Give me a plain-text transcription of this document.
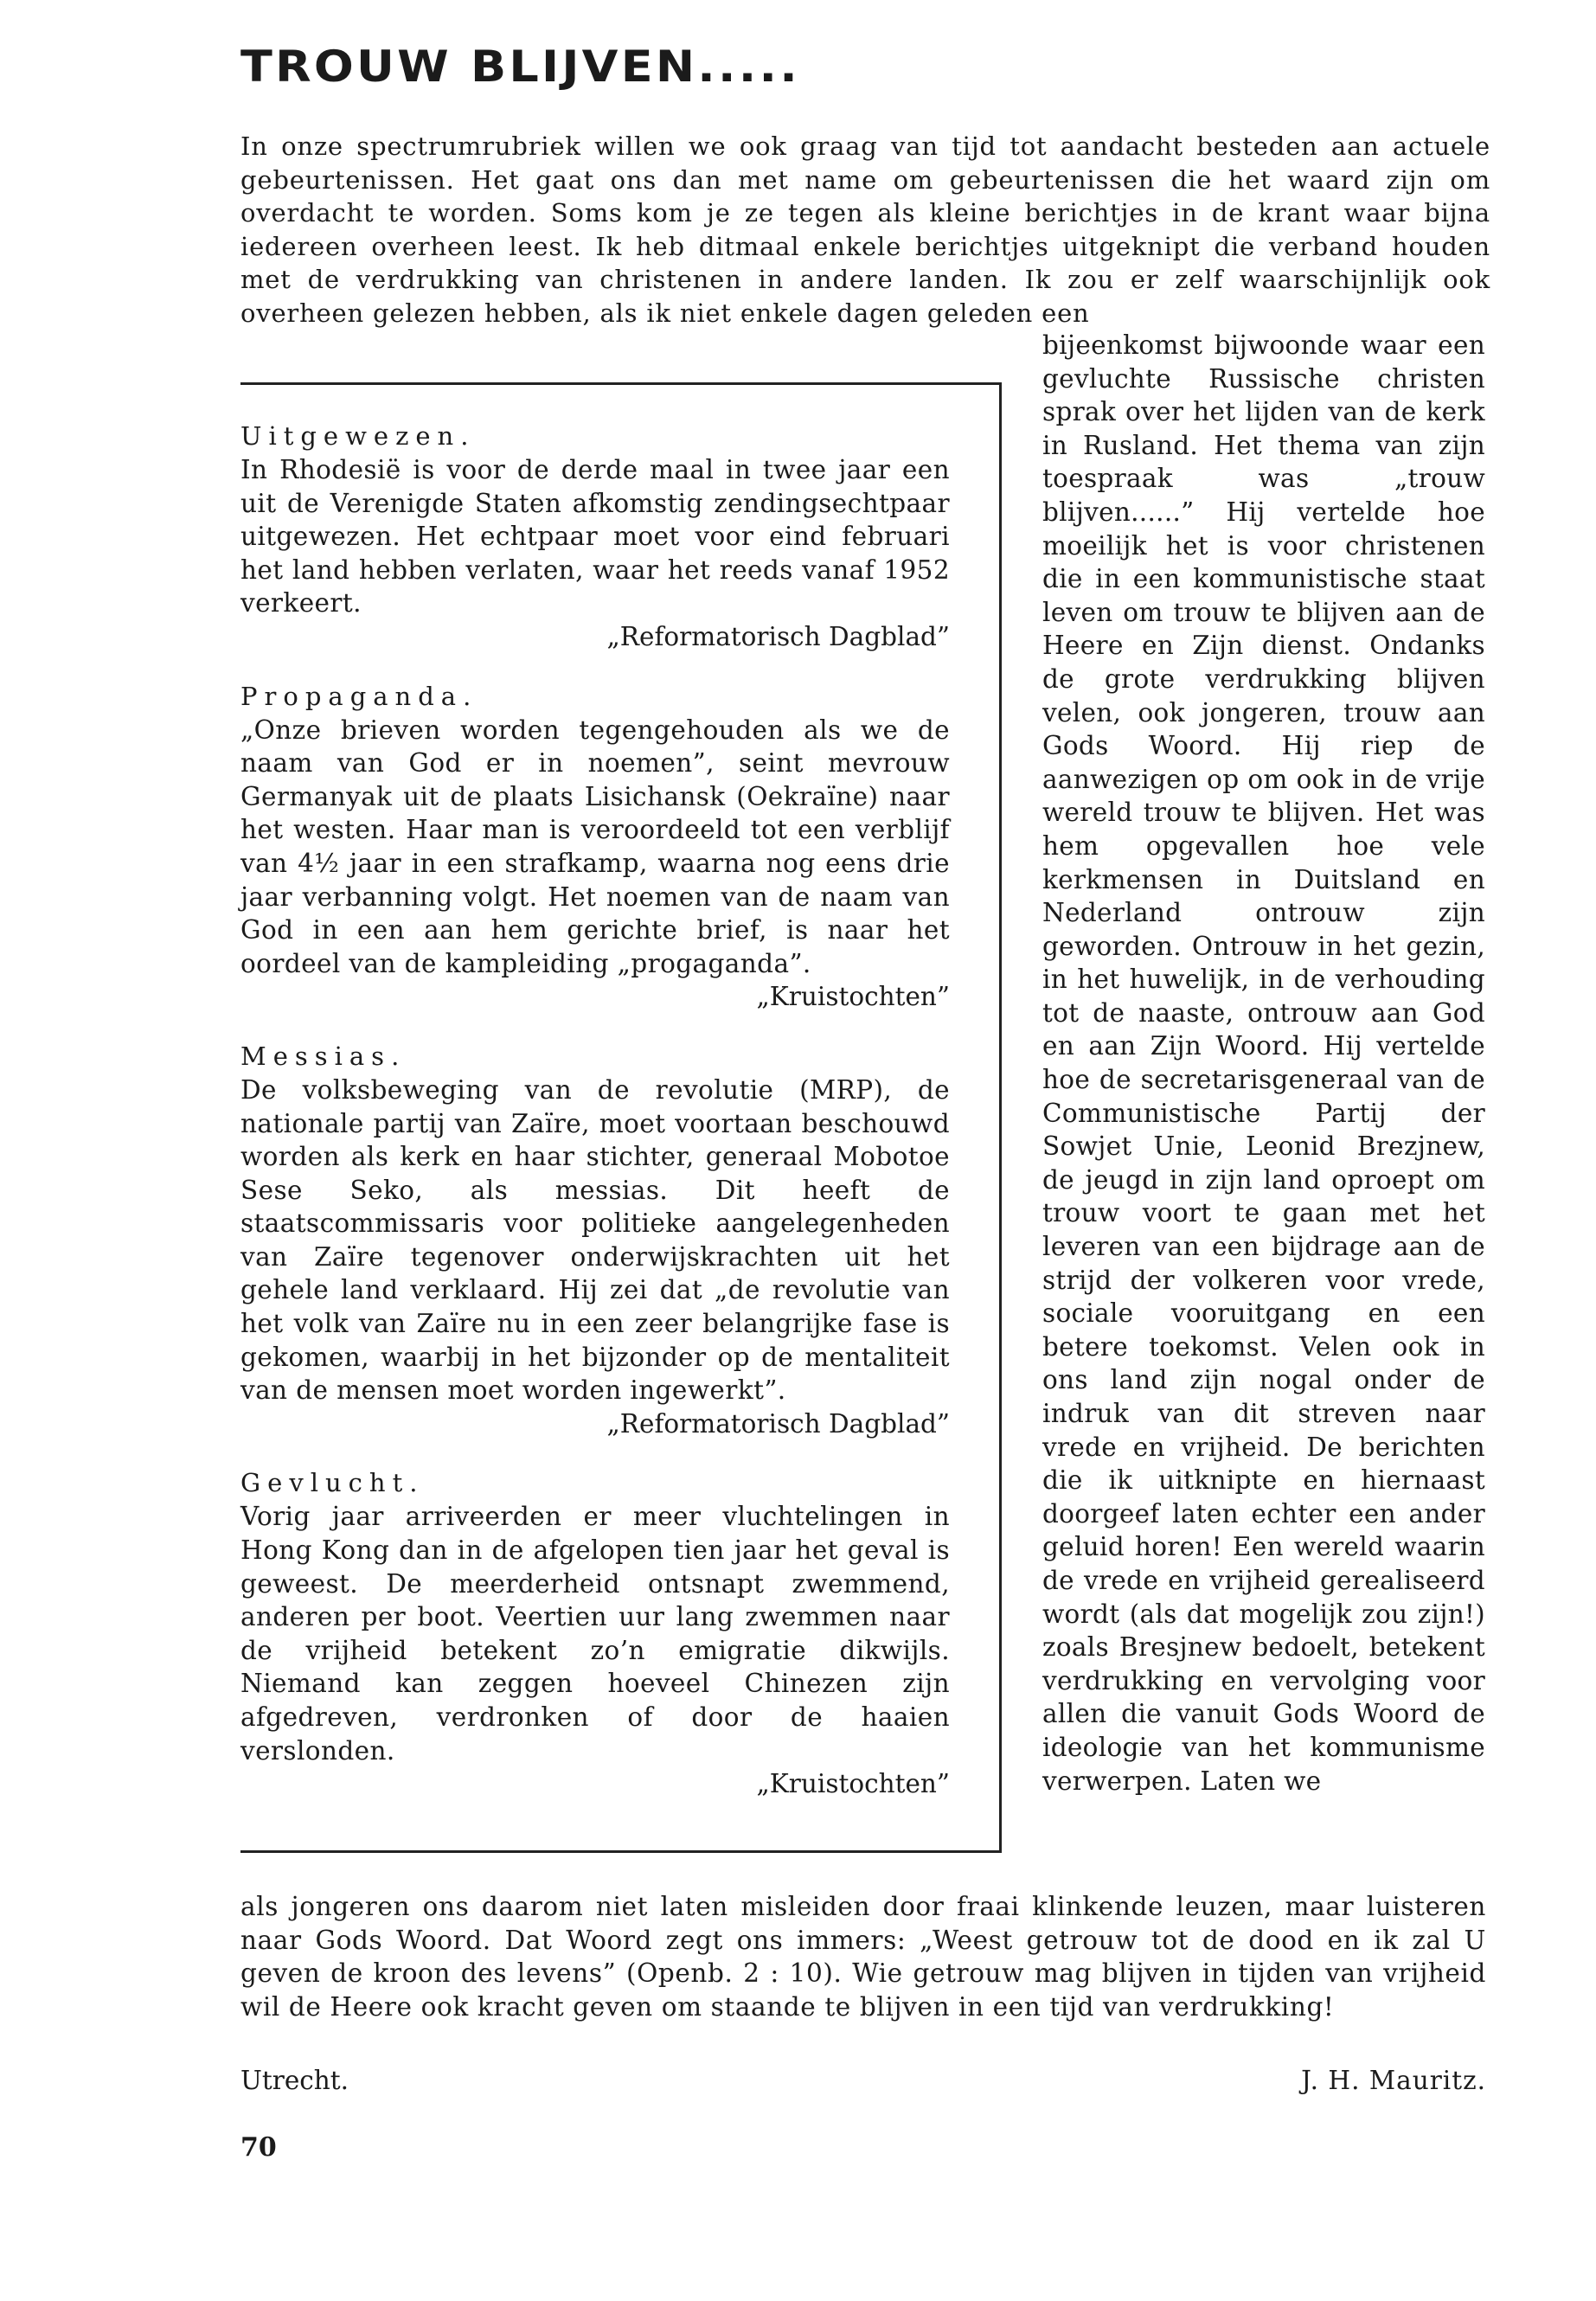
TROUW BLIJVEN.....

In onze spectrumrubriek willen we ook graag van tijd tot aandacht besteden aan actuele gebeurtenissen. Het gaat ons dan met name om gebeurtenissen die het waard zijn om overdacht te worden. Soms kom je ze tegen als kleine berichtjes in de krant waar bijna iedereen overheen leest. Ik heb ditmaal enkele berichtjes uitgeknipt die verband houden met de verdrukking van christenen in andere landen. Ik zou er zelf waarschijnlijk ook overheen gelezen hebben, als ik niet enkele dagen geleden een

Uitgewezen.

In Rhodesië is voor de derde maal in twee jaar een uit de Verenigde Staten afkomstig zendingsechtpaar uitgewezen. Het echtpaar moet voor eind februari het land hebben verlaten, waar het reeds vanaf 1952 verkeert.

„Reformatorisch Dagblad”

Propaganda.

„Onze brieven worden tegengehouden als we de naam van God er in noemen”, seint mevrouw Germanyak uit de plaats Lisichansk (Oekraïne) naar het westen. Haar man is veroordeeld tot een verblijf van 4½ jaar in een strafkamp, waarna nog eens drie jaar verbanning volgt. Het noemen van de naam van God in een aan hem gerichte brief, is naar het oordeel van de kampleiding „progaganda”.

„Kruistochten”

Messias.

De volksbeweging van de revolutie (MRP), de nationale partij van Zaïre, moet voortaan beschouwd worden als kerk en haar stichter, generaal Mobotoe Sese Seko, als messias. Dit heeft de staatscommissaris voor politieke aangelegenheden van Zaïre tegenover onderwijskrachten uit het gehele land verklaard. Hij zei dat „de revolutie van het volk van Zaïre nu in een zeer belangrijke fase is gekomen, waarbij in het bijzonder op de mentaliteit van de mensen moet worden ingewerkt”.

„Reformatorisch Dagblad”

Gevlucht.

Vorig jaar arriveerden er meer vluchtelingen in Hong Kong dan in de afgelopen tien jaar het geval is geweest. De meerderheid ontsnapt zwemmend, anderen per boot. Veertien uur lang zwemmen naar de vrijheid betekent zo’n emigratie dikwijls. Niemand kan zeggen hoeveel Chinezen zijn afgedreven, verdronken of door de haaien verslonden.

„Kruistochten”

bijeenkomst bijwoonde waar een gevluchte Russische christen sprak over het lijden van de kerk in Rusland. Het thema van zijn toespraak was „trouw blijven......” Hij vertelde hoe moeilijk het is voor christenen die in een kommunistische staat leven om trouw te blijven aan de Heere en Zijn dienst. Ondanks de grote verdrukking blijven velen, ook jongeren, trouw aan Gods Woord. Hij riep de aanwezigen op om ook in de vrije wereld trouw te blijven. Het was hem opgevallen hoe vele kerkmensen in Duitsland en Nederland ontrouw zijn geworden. Ontrouw in het gezin, in het huwelijk, in de verhouding tot de naaste, ontrouw aan God en aan Zijn Woord. Hij vertelde hoe de secretarisgeneraal van de Communistische Partij der Sowjet Unie, Leonid Brezjnew, de jeugd in zijn land oproept om trouw voort te gaan met het leveren van een bijdrage aan de strijd der volkeren voor vrede, sociale vooruitgang en een betere toekomst. Velen ook in ons land zijn nogal onder de indruk van dit streven naar vrede en vrijheid. De berichten die ik uitknipte en hiernaast doorgeef laten echter een ander geluid horen! Een wereld waarin de vrede en vrijheid gerealiseerd wordt (als dat mogelijk zou zijn!) zoals Bresjnew bedoelt, betekent verdrukking en vervolging voor allen die vanuit Gods Woord de ideologie van het kommunisme verwerpen. Laten we

als jongeren ons daarom niet laten misleiden door fraai klinkende leuzen, maar luisteren naar Gods Woord. Dat Woord zegt ons immers: „Weest getrouw tot de dood en ik zal U geven de kroon des levens” (Openb. 2 : 10). Wie getrouw mag blijven in tijden van vrijheid wil de Heere ook kracht geven om staande te blijven in een tijd van verdrukking!

Utrecht.	J. H. Mauritz.

70
